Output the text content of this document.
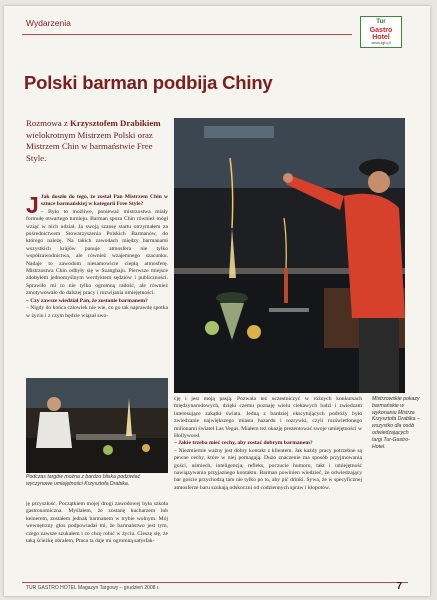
Wydarzenia	Tur
Gastro Hotel
www.tgh.pl
Polski barman podbija Chiny
Rozmowa z Krzysztofem Drabikiem wielokrotnym Mistrzem Polski oraz Mistrzem Chin w barmaństwie Free Style.

J Jak doszło do tego, że został Pan Mistrzem Chin w sztuce barmańskiej w kategorii Free Style?

– Było to możliwe, ponieważ mistrzostwa miały formułę otwartego turnieju. Barman spoza Chin również mógł wziąć w nich udział. Ja swoją szansę startu otrzymałem za pośrednictwem Stowarzyszenia Polskich Barmanów, do którego należę. Na takich zawodach między barmanami wszystkich krajów panuje atmosfera nie tylko współzawodnictwa, ale również wzajemnego szacunku. Nadaje to zawodom niesamowicie ciepłą atmosferę. Mistrzostwa Chin odbyły się w Szanghaju. Pierwsze miejsce zdobyłem jednomyślnym werdyktem sędziów i publiczności. Sprawiło mi to nie tylko ogromną radość, ale również zmotywowało do dalszej pracy i rozwijania umiejętności.

– Czy zawsze wiedział Pan, że zostanie barmanem?

– Nigdy do końca człowiek nie wie, co go tak naprawdę spotka w życiu i z czym będzie wiązał swo-

Mistrzowskie pokazy barmańskie w wykonaniu Mistrza Krzysztofa Drabika – wszystko dla osób odwiedzających targi Tur-Gastro-Hotel.
Podczas targów można z bardzo bliska podziwiać wyczynowe umiejętności Krzysztofa Drabika.

ję przyszłość. Początkiem mojej drogi zawodowej była szkoła gastronomiczna. Myślałem, że zostanę kucharzem lub kelnerem, zostałem jednak barmanem w trybie wolnym. Mój wewnętrzny głos podpowiadał mi, że barmaństwo jest tym, czego zawsze szukałem i co chcę robić w życiu. Cieszę się, że taką ścieżkę obrałem. Praca ta daje mi ogromną satysfak-

cję i jest moją pasją. Pozwala też uczestniczyć w różnych konkursach międzynarodowych, dzięki czemu poznaję wielu ciekawych ludzi i zwiedzam interesujące zakątki świata. Jedną z bardziej ekscytujących podróży było zwiedzanie największego miasta hazardu i rozrywki, czyli rozświetlonego milionami świateł Las Vegas. Miałem też okazję prezentować swoje umiejętności w Hollywood.

– Jakie trzeba mieć cechy, aby zostać dobrym barmanem?

– Niezmiernie ważny jest dobry kontakt z klientem. Jak każdy pracy potrzebne są pewne cechy, które w niej pomagają. Dużo znaczenie ma sposób przyjmowania gości, uśmiech, inteligencja, refleks, poczucie humoru, takt i umiejętność nawiązywania przyjaznego kontaktu. Barman powinien wiedzieć, że odwiedzający bar goście przychodzą tam nie tylko po to, aby pić drinki. Sywa, że w specyficznej atmosferze baru szukają odskoczni od codziennych spraw i kłopotów.

TUR GASTRO HOTEL Magazyn Targowy – grudzień 2008 r.	7
